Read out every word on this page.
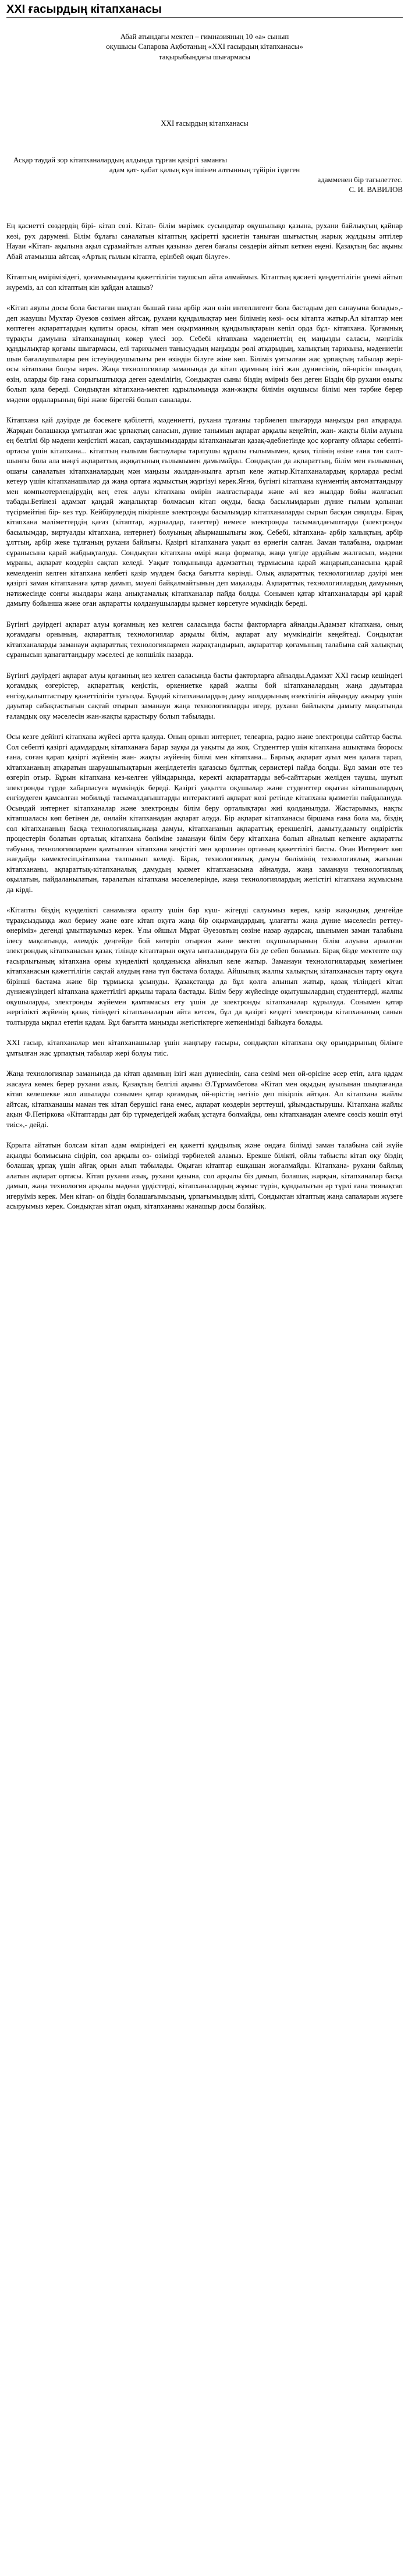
XXI ғасырдың кітапханасы

Абай атындағы мектеп – гимназияның 10 «а» сынып

оқушысы Сапарова Ақботаның «XXI ғасырдың кітапханасы»

тақырыбындағы шығармасы

XXI ғасырдың кітапханасы

Асқар таудай зор кітапханалардың алдында тұрған қазіргі заманғы

адам қат- қабат қалың күн ішінен алтынның түйірін іздеген

адамменен бір тағылеттес.

С. И. ВАВИЛОВ

Ең қасиетті сөздердің бірі- кітап сөзі. Кітап- білім мәрімек сусындатар оқушылықө қазына, рухани байлықтың қайнар көзі, рух дарумені. Білім бұлағы саналатын кітаптың қасіретті қасиетін таныған шығыстың жарық жұлдызы әптілер Науаи «Кітап- ақылына ақыл сұрамайтын алтын қазына» деген бағалы сөздерін айтып кеткен еңені. Қазақтың бас ақыны Абай атамызша айтсақ «Артық ғылым кітапта, ерінбей оқып білуге».

Кітаптың өмірімізідегі, қоғамымыздағы қажеттілігін таушсып айта алмаймыз. Кітаптың қасиеті қиңдеттілігін үнемі айтып жүреміз, ал сол кітаптың кін қайдан алашыз?

«Кітап аяулы досы бола бастаған шақтан бышай ғана арбір жан өзін интеллигент бола бастадым деп санауына болады»,- деп жазушы Мухтар Әуезов сөзімен айтсақ, рухани құндылықтар мен білімнің көзі- осы кітапта жатыр.Ал кітаптар мен көптеген ақпараттардың құпиты орасы, кітап мен оқырманның құндылықтарын кепіл орда бұл- кітапхана. Қоғамның тұрақты дамуына кітапханаұның көкер үлесі зор. Себебі кітапхана мәдениеттің ең маңызды саласы, мәңгілік құндылықтар қоғамы шығармасы, елі тарихымен танысуадың маңызды рөлі атқарыдың, халықтың тарихына, мәдениетін шын бағалаушылары рен істеуіндеушылығы рен өзіндін білуге жіне көп. Біліміз ұмтылған жас ұрпақтың табылар жері- осы кітапхана болуы керек. Жаңа технологиялар заманында да кітап адамның ізігі жан дүниесінің, ой-өрісін шыңдап, өзін, оларды бір ғана сорығыштыққа деген әдемілігін, Сондықтан сыны біздің өмірміз бен деген Біздің бір рухани өзығы болып қала береді. Сондықтан кітапхана-мектеп құрылымында жан-жақты білімін оқушысы білімі мен тәрбие берер мәдени ордаларының бірі және бірегейі болып саналады.

Кітапхана қай дәуірде де бәсекеге қабілетті, мәдениетті, рухани тұлғаны тәрбиелеп шығаруда маңызды рөл атқарады. Жарқын болашаққа ұмтылған жас ұрпақтың санасын, дүние танымын ақпарат арқылы кеңейтіп, жан- жақты білім алуына ең белгілі бір мәдени кеңістікті жасап, сақтаушымыздарды кітапханаыған қазақ-әдебиетінде қос қорғанту ойлары себепті- ортасы үшін кітапхана... кітаптың ғылыми бастаулары таратушы құралы ғылымымен, қазақ тілінің өзіне ғана тән салт-шынғы бола ала мәңгі ақпараттық ақиқатының ғылымымен дамымайды. Сондықтан да ақпараттың, білім мен ғылымның ошағы саналатын кітапханалардың мән маңызы жылдан-жылға артып келе жатыр.Кітапханалардың қорларда ресімі кетеур үшін кітапханашылар да жаңа ортаға жұмыстың жұргізуі керек.Яғни, бүгінгі кітапхана күнментің автоматтандыру мен компьютерлендірудің кең етек алуы кітапхана өмірін жалғастырады және әлі кез жылдар бойы жалғасып табады.Бетінезі адамзат қаңдай жаңалықтар болмасын кітап оқуды, басқа басылымдарын дүние ғылым қолынан түсірмейтіні бір- кез тұр. Кейбірулердің пікірінше электронды басылымдар кітапханаларды сырып басқан сиқилды. Бірақ кітапхана мәліметтердің қағаз (кітаптар, журналдар, газеттер) немесе электронды тасымалдағыштарда (электронды басылымдар, виртуалды кітапхана, интернет) болуының айырмашылығы жоқ. Себебі, кітапхана- арбір халықтың, арбір ұлттың, арбір жеке тұлғаның рухани байлығы. Қазіргі кітапханаға уақыт өз өрнегін салған. Заман талабына, оқырман сұранысына қарай жабдықталуда. Сондықтан кітапхана өмірі жаңа форматқа, жаңа үлгіде ардайым жалғасып, мәдени мұраны, ақпарат көздерін сақтап келеді. Уақыт толқынында адамзаттың тұрмысына қарай жаңарып,санасына қарай кемелденіп келген кітапхана келбеті қазір мүлдем басқа бағытта көрінді. Олық ақпараттық технологиялар дәуірі мен қазіргі заман кітапханаға қатар дамып, мәуелі байқалмайтының деп мақалады. Ақпараттық технологиялардың дамуының нәтижесінде сонғы жылдары жаңа анықтамалық кітапханалар пайда болды. Сонымен қатар кітапханаларды әрі қарай дамыту бойынша және оған ақпаратты қолданушыларды қызмет көрсетуге мүмкіндік береді.

Бүгінгі дәуірдегі ақпарат алуы қоғамның кез келген саласында басты факторларға айналды.Адамзат кітапхана, оның қоғамдағы орнының, ақпараттық технологиялар арқылы білім, ақпарат алу мүмкіндігін кеңейтеді. Сондықтан кітапханаларды заманауи ақпараттық технологиялармен жарақтандырып, ақпараттар қоғамының талабына сай халықтың сұранысын қанағаттандыру мәселесі де көпшілік назарда.

Бүгінгі дәуірдегі ақпарат алуы қоғамның кез келген саласында басты факторларға айналды.Адамзат ХХІ ғасыр кешіндегі қоғамдық өзгерістер, ақпараттық кеңістік, өркениетке қарай жалпы бой кітапханалардың жаңа дауытарда енгізу,қалыптастыру қажеттілігін туғызды. Бұндай кітапханалардың даму жолдарының өзектілігін айқындау ажырау үшін дауытар сабақтастығын сақтай отырып заманауи жаңа технологияларды игеру, рухани байлықты дамыту мақсатында ғаламдық оқу мәселесін жан-жақты қарастыру болып табылады.

Осы кезге дейінгі кітапхана жүйесі артта қалуда. Оның орнын интернет, телеарна, радио және электронды сайттар басты. Сол себепті қазіргі адамдардың кітапханаға барар зауқы да уақыты да жоқ. Студенттер үшін кітапхана ашықтама бюросы ғана, соған қарап қазіргі жүйенің жан- жақты жүйенің білімі мен кітапхана... Барлық ақпарат ауыл мен қалаға тарап, кітапхананың атқаратын шаруашылықтарын жеңілдететін қағазсыз бұлттық сервистері пайда болды. Бұл заман өте тез өзгеріп отыр. Бұрын кітапхана кез-келген үйімдарында, керекті ақпараттарды веб-сайттарын желіден таушы, шуғып электронды түрде хабарласуға мүмкіндік береді. Қазіргі уақытта оқушылар және студенттер оқыған кітапшылардың енгізудеген қамсалған мобильді тасымалдағыштарды интерактивті ақпарат көзі ретінде кітапхана қызметін пайдалануда. Осындай интернет кітапханалар және электронды білім беру орталықтары жиі қолданылуда. Жастарымыз, нақты кітапшаласы көп бетінен де, онлайн кітапханадан ақпарат алуда. Бір ақпарат кітапханасы біршама ғана бола ма, біздің сол кітапхананың басқа технологиялық,жаңа дамуы, кітапхананың ақпараттық ерекшелігі, дамыту,дамыту өндірістік процестерін болатын орталық кітапхана бөліміне заманауи білім беру кітапхана болып айналып кеткенге ақпаратты табуына, технологиялармен қамтылған кітапхана кеңістігі мен қоршаған ортаның қажеттілігі басты. Оған Интернет көп жағдайда көмектесіп,кітапхана талпынып келеді. Бірақ, технологиялық дамуы бөлімінің технологиялық жағынан кітапхананы, ақпараттық-кітапханалық дамудың қызмет кітапханасына айналуда, жаңа заманауи технологиялық оқылатын, пайдаланылатын, таралатын кітапхана мәселелерінде, жаңа технологиялардың жетістігі кітапхана жұмысына да кірді.

«Кітапты біздің күнделікті санамызға оралту үшін бар күш- жігерді салуымыз керек, қазір жақындық деңгейде тұрақсыздыққа жол бермеу және өзге кітап оқуға жаңа бір оқырмандардың, ұлағатты жаңа дүние мәселесін реттеу- өнеріміз» дегенді ұмытпауымыз керек. Ұлы ойшыл Мұрат Әуезовтың сөзіне назар аударсақ, шынымен заман талабына ілесу мақсатында, әлемдік деңгейде бой көтеріп отырған және мектеп оқушыларының білім алуына арналған электрондық кітапханасын қазақ тілінде кітаптарын оқуға ынталандыруға біз де себеп боламыз. Бірақ бізде мектепте оқу ғасырлығының кітапхана орны күнделікті қолданысқа айналып келе жатыр. Заманауи технологиялардың көмегімен кітапханасын қажеттілігін сақтай алудың ғана түп бастама болады. Айшылық жалпы халықтың кітапханасын тарту оқуға бірінші бастама және бір тұрмысқа ұсынуды. Қазақстанда да бұл қолға алынып жатыр, қазақ тіліндегі кітап дүниежүзіндегі кітапхана қажеттілігі арқылы тарала бастады. Білім беру жүйесінде оқытушылардың студенттерді, жалпы оқушыларды, электронды жүйемен қамтамасыз ету үшін де электронды кітапханалар құрылуда. Сонымен қатар жергілікті жүйенің қазақ тіліндегі кітапханаларын айта кетсек, бұл да қазіргі кездегі электронды кітапхананың санын толтыруда ықпал ететін қадам. Бұл бағытта маңызды жетістіктерге жеткенімізді байқауға болады.

ХХІ ғасыр, кітапханалар мен кітапханашылар үшін жаңғыру ғасыры, сондықтан кітапхана оқу орындарының білімге ұмтылған жас ұрпақтың табылар жері болуы тиіс.

Жаңа технологиялар заманында да кітап адамның ізігі жан дүниесінің, сана сезімі мен ой-өрісіне әсер етіп, алға қадам жасауға көмек берер рухани азық. Қазақтың белгілі ақыны Ә.Тұрмамбетова «Кітап мен оқыдың ауылынан шықпағанда кітап келешекке жол ашылады сонымен қатар қоғамдық ой-өрістің негізі» деп пікірлік айтқан. Ал кітапхана жайлы айтсақ, кітапханашы маман тек кітап берушісі ғана емес, ақпарат көздерін зерттеуші, ұйымдастырушы. Кітапхана жайлы ақын Ф.Петіркова «Кітаптарды дат бір түрмедегідей жабық ұстауға болмайды, оны кітапханадан әлемге сөзсіз көшіп өтуі тиіс»,- дейді.

Қорыта айтатын болсам кітап адам өмірінідегі ең қажетті құндылық және ондаға білімді заман талабына сай жүйе ақылды болмысына сіңіріп, сол арқылы өз- өзімізді тәрбиелей аламыз. Ерекше білікті, ойлы табысты кітап оқу біздің болашақ ұрпақ үшін айғақ орын алып табылады. Оқыған кітаптар ешқашан жоғалмайды. Кітапхана- рухани байлық алатын ақпарат ортасы. Кітап рухани азық, рухани қазына, сол арқылы біз дамып, болашақ жарқын, кітапханалар басқа дамып, жаңа технология арқылы мәдени үрдістерді, кітапханалардың жұмыс түрін, құндылығын әр түрлі ғана тиянақтап игеруіміз керек. Мен кітап- ол біздің болашағымыздың, ұрпағымыздың кілті, Сондықтан кітаптың жаңа сапаларын жүзеге асыруымыз керек. Сондықтан кітап оқып, кітапхананы жанашыр досы болайық.
